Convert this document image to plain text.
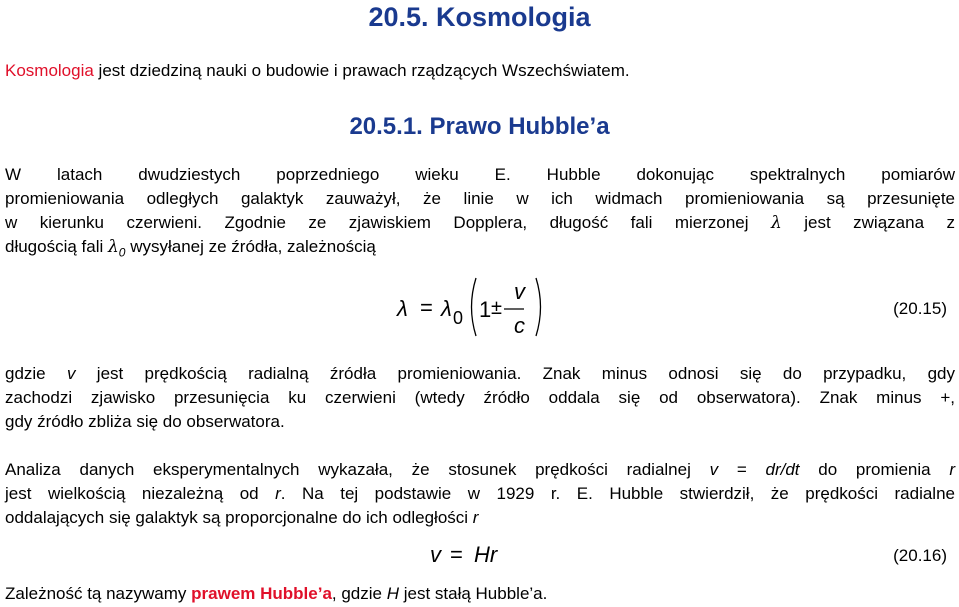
20.5. Kosmologia

Kosmologia jest dziedziną nauki o budowie i prawach rządzących Wszechświatem.

20.5.1. Prawo Hubble’a
W latach dwudziestych poprzedniego wieku E. Hubble dokonując spektralnych pomiarów
promieniowania odległych galaktyk zauważył, że linie w ich widmach promieniowania są przesunięte
w kierunku czerwieni. Zgodnie ze zjawiskiem Dopplera, długość fali mierzonej λ jest związana z
długością fali $\lambda_0$ wysyłanej ze źródła, zależnością
λ = λ 0 1 ±
v
c
(20.15)
gdzie v jest prędkością radialną źródła promieniowania. Znak minus odnosi się do przypadku, gdy
zachodzi zjawisko przesunięcia ku czerwieni (wtedy źródło oddala się od obserwatora). Znak minus +,
gdy źródło zbliża się do obserwatora.
Analiza danych eksperymentalnych wykazała, że stosunek prędkości radialnej v = dr/dt do promienia r
jest wielkością niezależną od r. Na tej podstawie w 1929 r. E. Hubble stwierdził, że prędkości radialne
oddalających się galaktyk są proporcjonalne do ich odległości r
v = Hr	(20.16)

Zależność tą nazywamy prawem Hubble’a, gdzie H jest stałą Hubble’a.
